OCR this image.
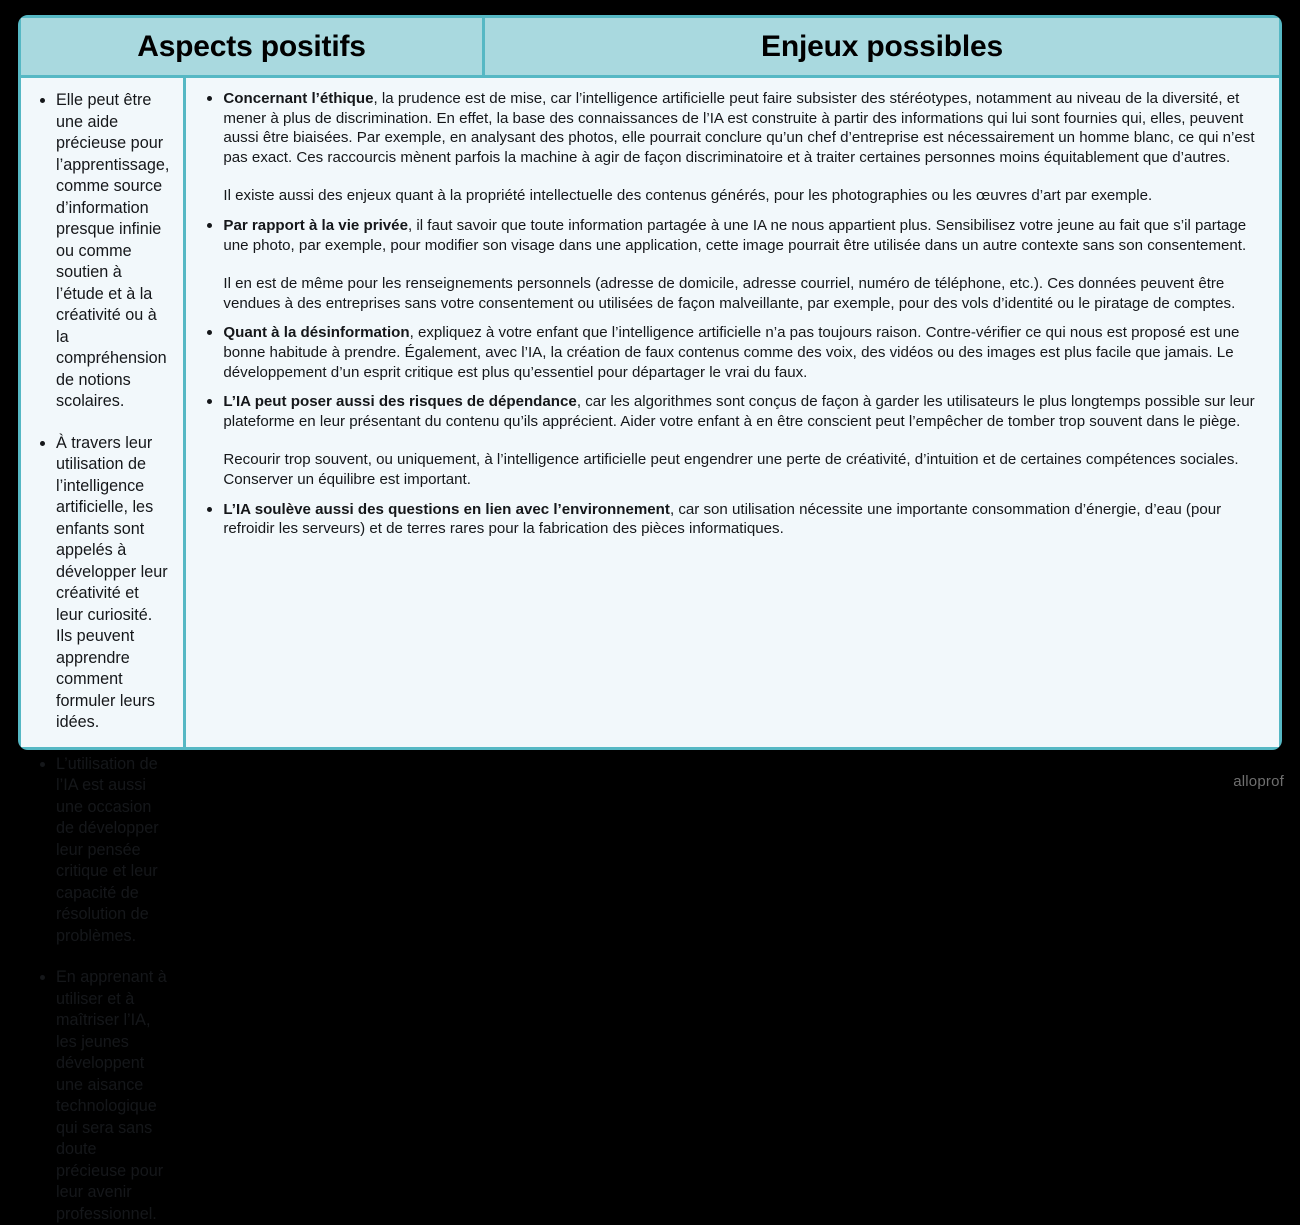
Aspects positifs	Enjeux possibles

Elle peut être une aide précieuse pour l’apprentissage, comme source d’information presque infinie ou comme soutien à l’étude et à la créativité ou à la compréhension de notions scolaires.

À travers leur utilisation de l’intelligence artificielle, les enfants sont appelés à développer leur créativité et leur curiosité. Ils peuvent apprendre comment formuler leurs idées.

L’utilisation de l’IA est aussi une occasion de développer leur pensée critique et leur capacité de résolution de problèmes.

En apprenant à utiliser et à maîtriser l’IA, les jeunes développent une aisance technologique qui sera sans doute précieuse pour leur avenir professionnel.

Concernant l’éthique, la prudence est de mise, car l’intelligence artificielle peut faire subsister des stéréotypes, notamment au niveau de la diversité, et mener à plus de discrimination. En effet, la base des connaissances de l’IA est construite à partir des informations qui lui sont fournies qui, elles, peuvent aussi être biaisées. Par exemple, en analysant des photos, elle pourrait conclure qu’un chef d’entreprise est nécessairement un homme blanc, ce qui n’est pas exact. Ces raccourcis mènent parfois la machine à agir de façon discriminatoire et à traiter certaines personnes moins équitablement que d’autres.

Il existe aussi des enjeux quant à la propriété intellectuelle des contenus générés, pour les photographies ou les œuvres d’art par exemple.

Par rapport à la vie privée, il faut savoir que toute information partagée à une IA ne nous appartient plus. Sensibilisez votre jeune au fait que s’il partage une photo, par exemple, pour modifier son visage dans une application, cette image pourrait être utilisée dans un autre contexte sans son consentement.

Il en est de même pour les renseignements personnels (adresse de domicile, adresse courriel, numéro de téléphone, etc.). Ces données peuvent être vendues à des entreprises sans votre consentement ou utilisées de façon malveillante, par exemple, pour des vols d’identité ou le piratage de comptes.

Quant à la désinformation, expliquez à votre enfant que l’intelligence artificielle n’a pas toujours raison. Contre-vérifier ce qui nous est proposé est une bonne habitude à prendre. Également, avec l’IA, la création de faux contenus comme des voix, des vidéos ou des images est plus facile que jamais. Le développement d’un esprit critique est plus qu’essentiel pour départager le vrai du faux.

L’IA peut poser aussi des risques de dépendance, car les algorithmes sont conçus de façon à garder les utilisateurs le plus longtemps possible sur leur plateforme en leur présentant du contenu qu’ils apprécient. Aider votre enfant à en être conscient peut l’empêcher de tomber trop souvent dans le piège.

Recourir trop souvent, ou uniquement, à l’intelligence artificielle peut engendrer une perte de créativité, d’intuition et de certaines compétences sociales. Conserver un équilibre est important.

L’IA soulève aussi des questions en lien avec l’environnement, car son utilisation nécessite une importante consommation d’énergie, d’eau (pour refroidir les serveurs) et de terres rares pour la fabrication des pièces informatiques.

alloprof
